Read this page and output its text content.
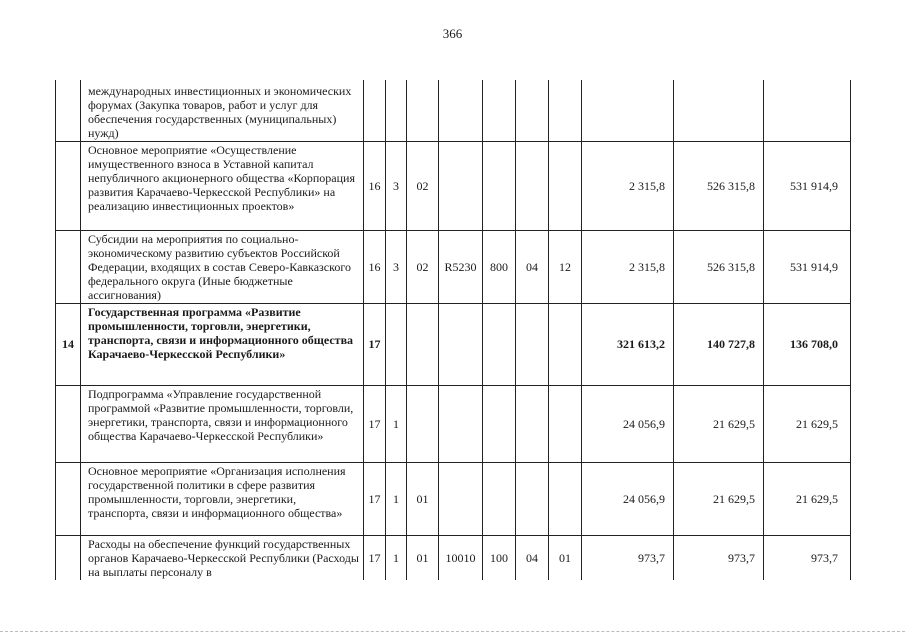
366
	международных инвестиционных и экономических форумах (Закупка товаров, работ и услуг для обеспечения государственных (муниципальных) нужд)										
	Основное мероприятие «Осуществление имущественного взноса в Уставной капитал непубличного акционерного общества «Корпорация развития Карачаево-Черкесской Республики» на реализацию инвестиционных проектов»	16	3	02					2 315,8	526 315,8	531 914,9
	Субсидии на мероприятия по социально-экономическому развитию субъектов Российской Федерации, входящих в состав Северо-Кавказского федерального округа (Иные бюджетные ассигнования)	16	3	02	R5230	800	04	12	2 315,8	526 315,8	531 914,9
14	Государственная программа «Развитие промышленности, торговли, энергетики, транспорта, связи и информационного общества Карачаево-Черкесской Республики»	17							321 613,2	140 727,8	136 708,0
	Подпрограмма «Управление государственной программой «Развитие промышленности, торговли, энергетики, транспорта, связи и информационного общества Карачаево-Черкесской Республики»	17	1						24 056,9	21 629,5	21 629,5
	Основное мероприятие «Организация исполнения государственной политики в сфере развития промышленности, торговли, энергетики, транспорта, связи и информационного общества»	17	1	01					24 056,9	21 629,5	21 629,5
	Расходы на обеспечение функций государственных органов Карачаево-Черкесской Республики (Расходы на выплаты персоналу в	17	1	01	10010	100	04	01	973,7	973,7	973,7
